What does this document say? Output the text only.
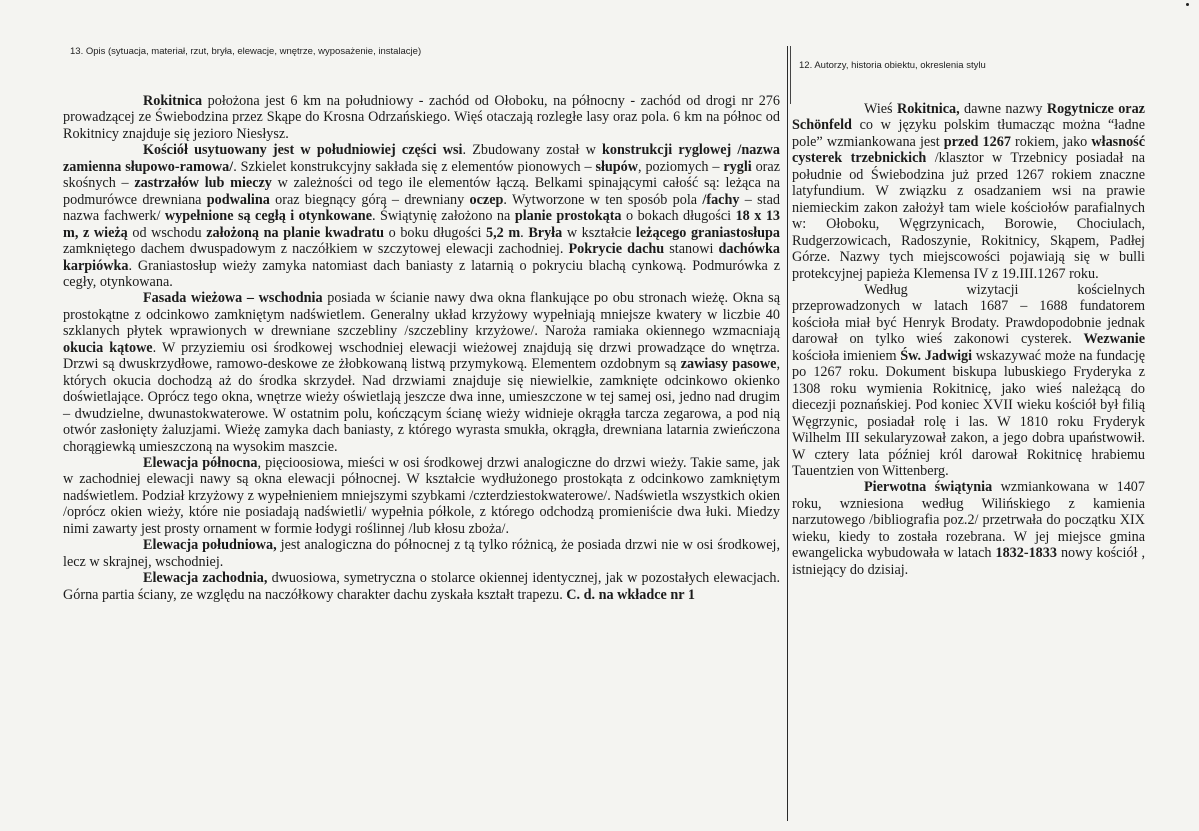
13. Opis (sytuacja, materiał, rzut, bryła, elewacje, wnętrze, wyposażenie, instalacje)
12. Autorzy, historia obiektu, okreslenia stylu

Rokitnica położona jest 6 km na południowy - zachód od Ołoboku, na północny - zachód od drogi nr 276 prowadzącej ze Świebodzina przez Skąpe do Krosna Odrzańskiego. Więś otaczają rozległe lasy oraz pola. 6 km na północ od Rokitnicy znajduje się jezioro Niesłysz.

Kościół usytuowany jest w południowiej części wsi. Zbudowany został w konstrukcji ryglowej /nazwa zamienna słupowo-ramowa/. Szkielet konstrukcyjny sakłada się z elementów pionowych – słupów, poziomych – rygli oraz skośnych – zastrzałów lub mieczy w zależności od tego ile elementów łączą. Belkami spinającymi całość są: leżąca na podmurówce drewniana podwalina oraz biegnący górą – drewniany oczep. Wytworzone w ten sposób pola /fachy – stad nazwa fachwerk/ wypełnione są cegłą i otynkowane. Świątynię założono na planie prostokąta o bokach długości 18 x 13 m, z wieżą od wschodu założoną na planie kwadratu o boku długości 5,2 m. Bryła w kształcie leżącego graniastosłupa zamkniętego dachem dwuspadowym z naczółkiem w szczytowej elewacji zachodniej. Pokrycie dachu stanowi dachówka karpiówka. Graniastosłup wieży zamyka natomiast dach baniasty z latarnią o pokryciu blachą cynkową. Podmurówka z cegły, otynkowana.

Fasada wieżowa – wschodnia posiada w ścianie nawy dwa okna flankujące po obu stronach wieżę. Okna są prostokątne z odcinkowo zamkniętym nadświetlem. Generalny układ krzyżowy wypełniają mniejsze kwatery w liczbie 40 szklanych płytek wprawionych w drewniane szczebliny /szczebliny krzyżowe/. Naroża ramiaka okiennego wzmacniają okucia kątowe. W przyziemiu osi środkowej wschodniej elewacji wieżowej znajdują się drzwi prowadzące do wnętrza. Drzwi są dwuskrzydłowe, ramowo-deskowe ze żłobkowaną listwą przymykową. Elementem ozdobnym są zawiasy pasowe, których okucia dochodzą aż do środka skrzydeł. Nad drzwiami znajduje się niewielkie, zamknięte odcinkowo okienko doświetlające. Oprócz tego okna, wnętrze wieży oświetlają jeszcze dwa inne, umieszczone w tej samej osi, jedno nad drugim – dwudzielne, dwunastokwaterowe. W ostatnim polu, kończącym ścianę wieży widnieje okrągła tarcza zegarowa, a pod nią otwór zasłonięty żaluzjami. Wieżę zamyka dach baniasty, z którego wyrasta smukła, okrągła, drewniana latarnia zwieńczona chorągiewką umieszczoną na wysokim maszcie.

Elewacja północna, pięcioosiowa, mieści w osi środkowej drzwi analogiczne do drzwi wieży. Takie same, jak w zachodniej elewacji nawy są okna elewacji północnej. W kształcie wydłużonego prostokąta z odcinkowo zamkniętym nadświetlem. Podział krzyżowy z wypełnieniem mniejszymi szybkami /czterdziestokwaterowe/. Nadświetla wszystkich okien /oprócz okien wieży, które nie posiadają nadświetli/ wypełnia półkole, z którego odchodzą promieniście dwa łuki. Miedzy nimi zawarty jest prosty ornament w formie łodygi roślinnej /lub kłosu zboża/.

Elewacja południowa, jest analogiczna do północnej z tą tylko różnicą, że posiada drzwi nie w osi środkowej, lecz w skrajnej, wschodniej.

Elewacja zachodnia, dwuosiowa, symetryczna o stolarce okiennej identycznej, jak w pozostałych elewacjach. Górna partia ściany, ze względu na naczółkowy charakter dachu zyskała kształt trapezu. C. d. na wkładce nr 1

Wieś Rokitnica, dawne nazwy Rogytnicze oraz Schönfeld co w języku polskim tłumacząc można “ładne pole” wzmiankowana jest przed 1267 rokiem, jako własność cysterek trzebnickich /klasztor w Trzebnicy posiadał na południe od Świebodzina już przed 1267 rokiem znaczne latyfundium. W związku z osadzaniem wsi na prawie niemieckim zakon założył tam wiele kościołów parafialnych w: Ołoboku, Węgrzynicach, Borowie, Chociulach, Rudgerzowicach, Radoszynie, Rokitnicy, Skąpem, Padłej Górze. Nazwy tych miejscowości pojawiają się w bulli protekcyjnej papieża Klemensa IV z 19.III.1267 roku.

Według wizytacji kościelnych przeprowadzonych w latach 1687 – 1688 fundatorem kościoła miał być Henryk Brodaty. Prawdopodobnie jednak darował on tylko wieś zakonowi cysterek. Wezwanie kościoła imieniem Św. Jadwigi wskazywać może na fundację po 1267 roku. Dokument biskupa lubuskiego Fryderyka z 1308 roku wymienia Rokitnicę, jako wieś należącą do diecezji poznańskiej. Pod koniec XVII wieku kościół był filią Węgrzynic, posiadał rolę i las. W 1810 roku Fryderyk Wilhelm III sekularyzował zakon, a jego dobra upaństwowił. W cztery lata później król darował Rokitnicę hrabiemu Tauentzien von Wittenberg.

Pierwotna świątynia wzmiankowana w 1407 roku, wzniesiona według Wilińskiego z kamienia narzutowego /bibliografia poz.2/ przetrwała do początku XIX wieku, kiedy to została rozebrana. W jej miejsce gmina ewangelicka wybudowała w latach 1832-1833 nowy kościół , istniejący do dzisiaj.
